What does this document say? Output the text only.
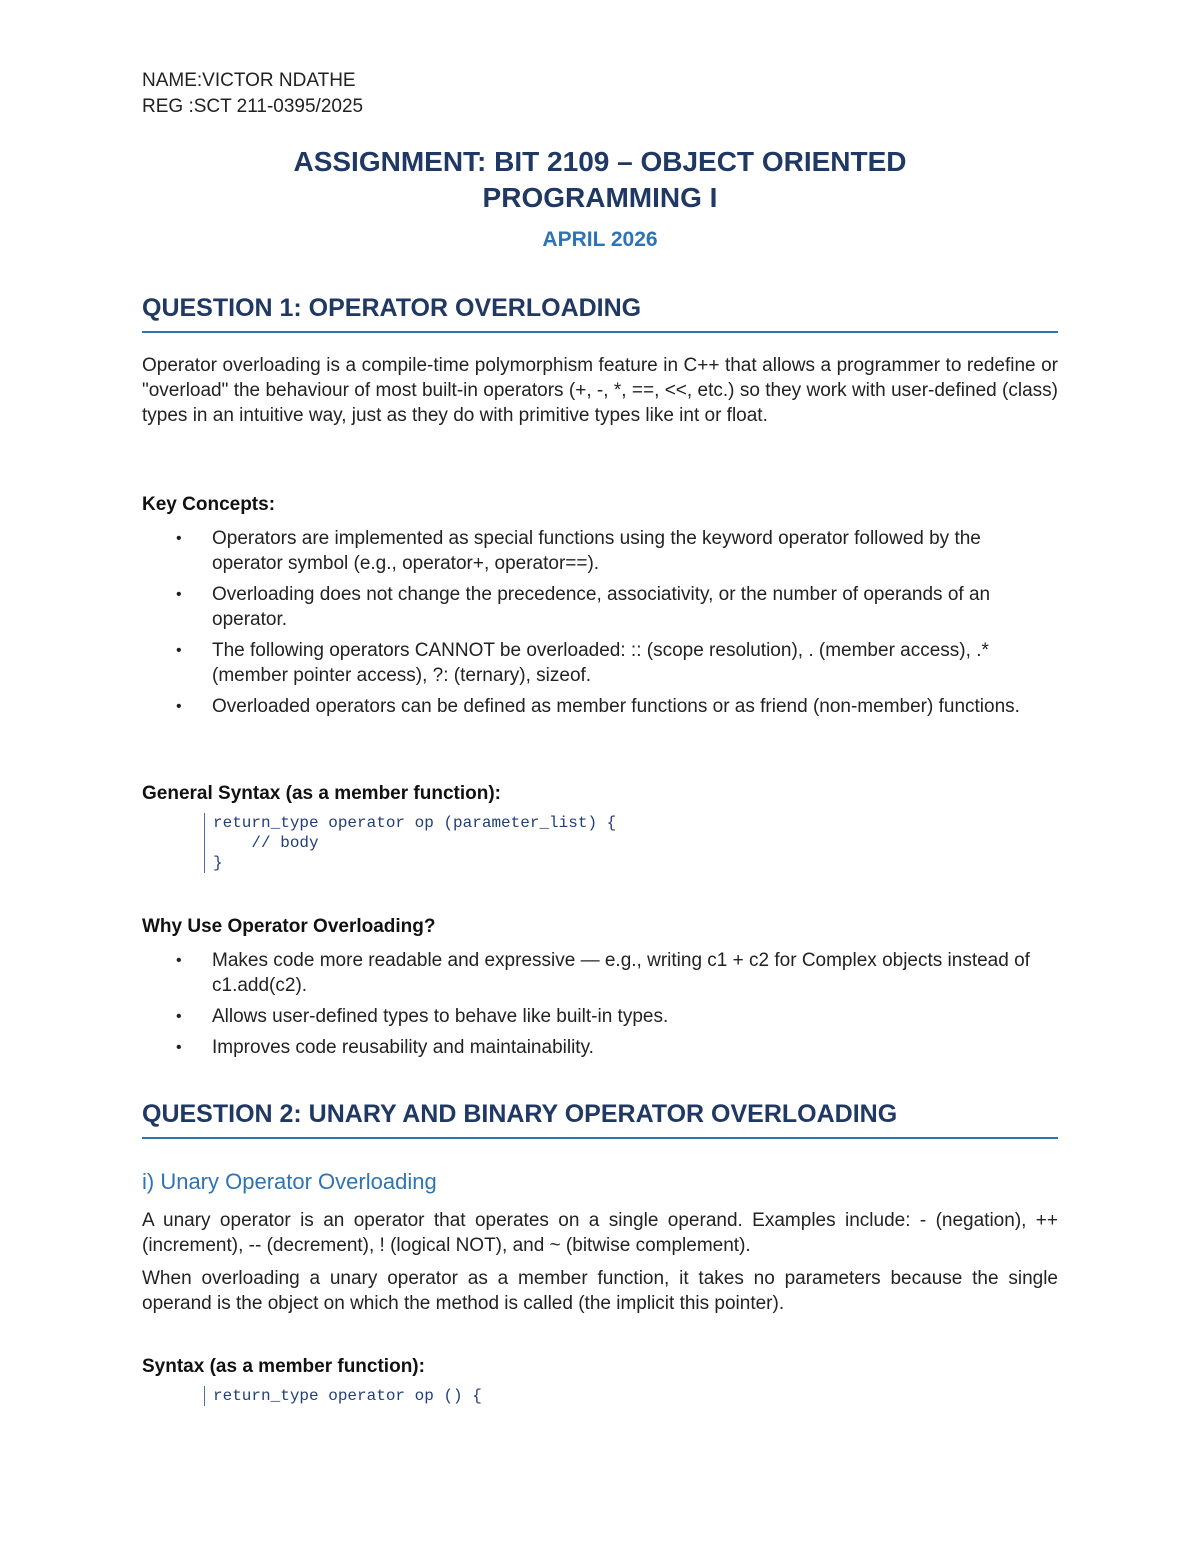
NAME:VICTOR NDATHE
REG :SCT 211-0395/2025
ASSIGNMENT: BIT 2109 – OBJECT ORIENTED
PROGRAMMING I
APRIL 2026
QUESTION 1: OPERATOR OVERLOADING
Operator overloading is a compile-time polymorphism feature in C++ that allows a programmer to redefine or "overload" the behaviour of most built-in operators (+, -, *, ==, <<, etc.) so they work with user-defined (class) types in an intuitive way, just as they do with primitive types like int or float.
Key Concepts:
• Operators are implemented as special functions using the keyword operator followed by the operator symbol (e.g., operator+, operator==).
• Overloading does not change the precedence, associativity, or the number of operands of an operator.
• The following operators CANNOT be overloaded: :: (scope resolution), . (member access), .* (member pointer access), ?: (ternary), sizeof.
• Overloaded operators can be defined as member functions or as friend (non-member) functions.
General Syntax (as a member function):
return_type operator op (parameter_list) {
// body
}
Why Use Operator Overloading?
• Makes code more readable and expressive — e.g., writing c1 + c2 for Complex objects instead of c1.add(c2).
• Allows user-defined types to behave like built-in types.
• Improves code reusability and maintainability.
QUESTION 2: UNARY AND BINARY OPERATOR OVERLOADING
i) Unary Operator Overloading
A unary operator is an operator that operates on a single operand. Examples include: - (negation), ++ (increment), -- (decrement), ! (logical NOT), and ~ (bitwise complement).
When overloading a unary operator as a member function, it takes no parameters because the single operand is the object on which the method is called (the implicit this pointer).
Syntax (as a member function):
return_type operator op () {
